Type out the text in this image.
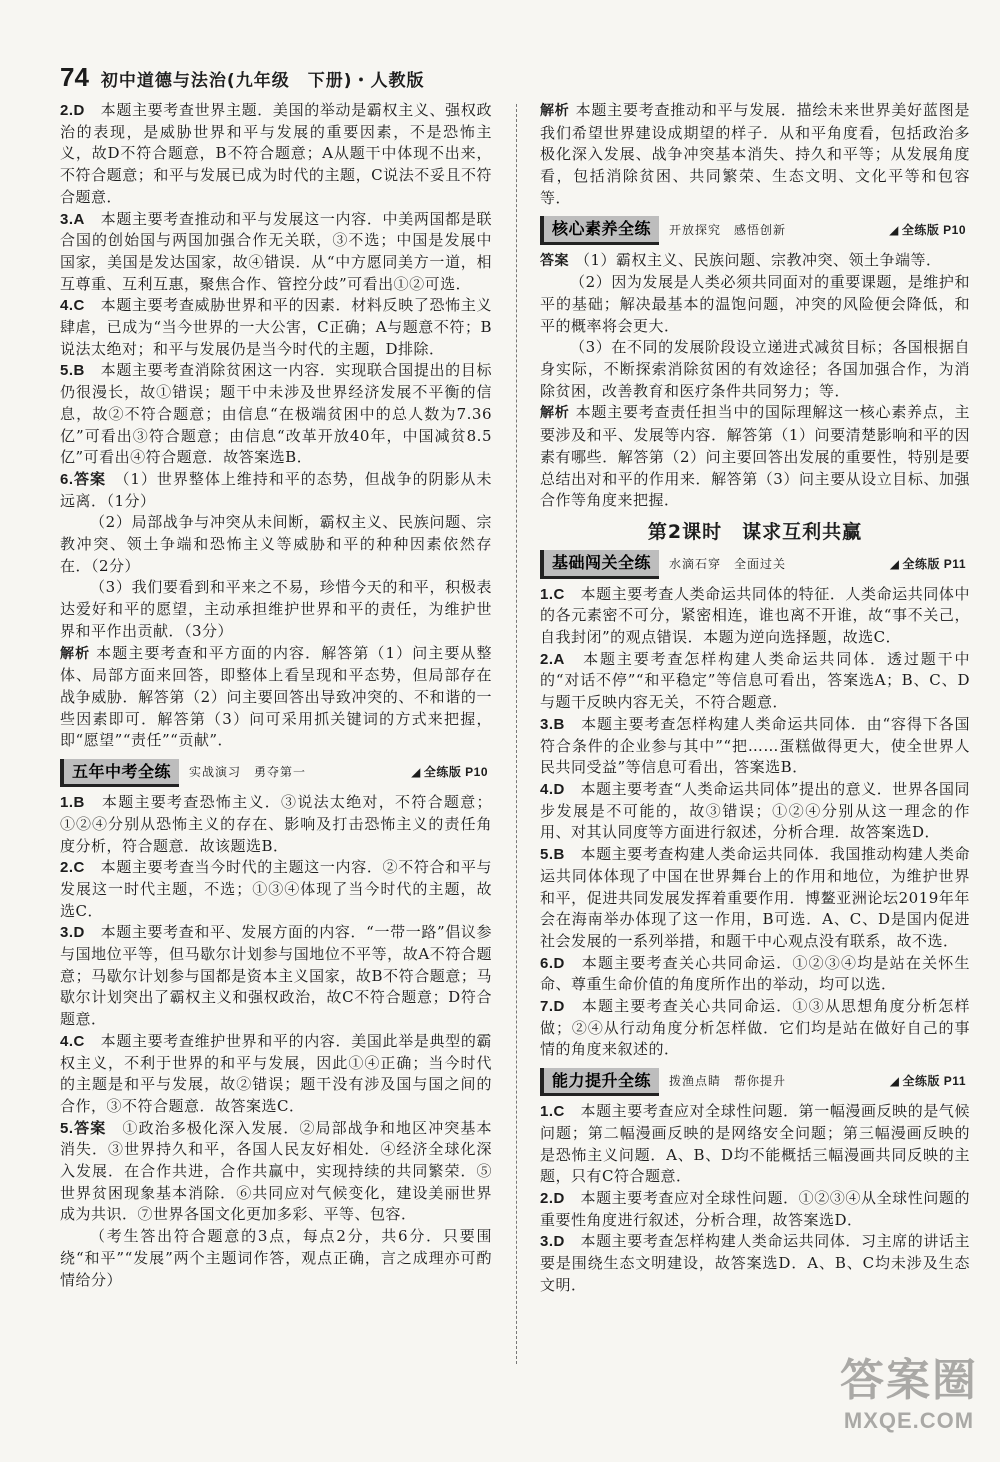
74 初中道德与法治(九年级　下册)・人教版

2.D　 本题主要考查世界主题．美国的举动是霸权主义、强权政治的表现，是威胁世界和平与发展的重要因素，不是恐怖主义，故D不符合题意，B不符合题意；A从题干中体现不出来，不符合题意；和平与发展已成为时代的主题，C说法不妥且不符合题意．

3.A　 本题主要考查推动和平与发展这一内容．中美两国都是联合国的创始国与两国加强合作无关联，③不选；中国是发展中国家，美国是发达国家，故④错误．从“中方愿同美方一道，相互尊重、互利互惠，聚焦合作、管控分歧”可看出①②可选．

4.C　 本题主要考查威胁世界和平的因素．材料反映了恐怖主义肆虐，已成为“当今世界的一大公害，C正确；A与题意不符；B说法太绝对；和平与发展仍是当今时代的主题，D排除．

5.B　 本题主要考查消除贫困这一内容．实现联合国提出的目标仍很漫长，故①错误；题干中未涉及世界经济发展不平衡的信息，故②不符合题意；由信息“在极端贫困中的总人数为7.36亿”可看出③符合题意；由信息“改革开放40年，中国减贫8.5亿”可看出④符合题意．故答案选B．

6.答案　 （1）世界整体上维持和平的态势，但战争的阴影从未远离．（1分）

（2）局部战争与冲突从未间断，霸权主义、民族问题、宗教冲突、领土争端和恐怖主义等威胁和平的种种因素依然存在．（2分）

（3）我们要看到和平来之不易，珍惜今天的和平，积极表达爱好和平的愿望，主动承担维护世界和平的责任，为维护世界和平作出贡献．（3分）

解析 本题主要考查和平方面的内容．解答第（1）问主要从整体、局部方面来回答，即整体上看呈现和平态势，但局部存在战争威胁．解答第（2）问主要回答出导致冲突的、不和谐的一些因素即可．解答第（3）问可采用抓关键词的方式来把握，即“愿望”“责任”“贡献”．

五年中考全练	实战演习　勇夺第一	◢ 全练版 P10

1.B　 本题主要考查恐怖主义．③说法太绝对，不符合题意；①②④分别从恐怖主义的存在、影响及打击恐怖主义的责任角度分析，符合题意．故该题选B．

2.C　 本题主要考查当今时代的主题这一内容．②不符合和平与发展这一时代主题，不选；①③④体现了当今时代的主题，故选C．

3.D　 本题主要考查和平、发展方面的内容．“一带一路”倡议参与国地位平等，但马歇尔计划参与国地位不平等，故A不符合题意；马歇尔计划参与国都是资本主义国家，故B不符合题意；马歇尔计划突出了霸权主义和强权政治，故C不符合题意；D符合题意．

4.C　 本题主要考查维护世界和平的内容．美国此举是典型的霸权主义，不利于世界的和平与发展，因此①④正确；当今时代的主题是和平与发展，故②错误；题干没有涉及国与国之间的合作，③不符合题意．故答案选C．

5.答案　 ①政治多极化深入发展．②局部战争和地区冲突基本消失．③世界持久和平，各国人民友好相处．④经济全球化深入发展．在合作共进，合作共赢中，实现持续的共同繁荣．⑤世界贫困现象基本消除．⑥共同应对气候变化，建设美丽世界成为共识．⑦世界各国文化更加多彩、平等、包容．

（考生答出符合题意的3点，每点2分，共6分．只要围绕“和平”“发展”两个主题词作答，观点正确，言之成理亦可酌情给分）

解析 本题主要考查推动和平与发展．描绘未来世界美好蓝图是我们希望世界建设成期望的样子．从和平角度看，包括政治多极化深入发展、战争冲突基本消失、持久和平等；从发展角度看，包括消除贫困、共同繁荣、生态文明、文化平等和包容等．

核心素养全练	开放探究　感悟创新	◢ 全练版 P10

答案 （1）霸权主义、民族问题、宗教冲突、领土争端等．

（2）因为发展是人类必须共同面对的重要课题，是维护和平的基础；解决最基本的温饱问题，冲突的风险便会降低，和平的概率将会更大．

（3）在不同的发展阶段设立递进式减贫目标；各国根据自身实际，不断探索消除贫困的有效途径；各国加强合作，为消除贫困，改善教育和医疗条件共同努力；等．

解析 本题主要考查责任担当中的国际理解这一核心素养点，主要涉及和平、发展等内容．解答第（1）问要清楚影响和平的因素有哪些．解答第（2）问主要回答出发展的重要性，特别是要总结出对和平的作用来．解答第（3）问主要从设立目标、加强合作等角度来把握．

第2课时　谋求互利共赢
基础闯关全练	水滴石穿　全面过关	◢ 全练版 P11

1.C　 本题主要考查人类命运共同体的特征．人类命运共同体中的各元素密不可分，紧密相连，谁也离不开谁，故“事不关己，自我封闭”的观点错误．本题为逆向选择题，故选C．

2.A　 本题主要考查怎样构建人类命运共同体．透过题干中的“对话不停”“和平稳定”等信息可看出，答案选A；B、C、D与题干反映内容无关，不符合题意．

3.B　 本题主要考查怎样构建人类命运共同体．由“容得下各国符合条件的企业参与其中”“把……蛋糕做得更大，使全世界人民共同受益”等信息可看出，答案选B．

4.D　 本题主要考查“人类命运共同体”提出的意义．世界各国同步发展是不可能的，故③错误；①②④分别从这一理念的作用、对其认同度等方面进行叙述，分析合理．故答案选D．

5.B　 本题主要考查构建人类命运共同体．我国推动构建人类命运共同体体现了中国在世界舞台上的作用和地位，为维护世界和平，促进共同发展发挥着重要作用．博鳌亚洲论坛2019年年会在海南举办体现了这一作用，B可选．A、C、D是国内促进社会发展的一系列举措，和题干中心观点没有联系，故不选．

6.D　 本题主要考查关心共同命运．①②③④均是站在关怀生命、尊重生命价值的角度所作出的举动，均可以选．

7.D　 本题主要考查关心共同命运．①③从思想角度分析怎样做；②④从行动角度分析怎样做．它们均是站在做好自己的事情的角度来叙述的．

能力提升全练	拨渔点睛　帮你提升	◢ 全练版 P11

1.C　 本题主要考查应对全球性问题．第一幅漫画反映的是气候问题；第二幅漫画反映的是网络安全问题；第三幅漫画反映的是恐怖主义问题．A、B、D均不能概括三幅漫画共同反映的主题，只有C符合题意．

2.D　 本题主要考查应对全球性问题．①②③④从全球性问题的重要性角度进行叙述，分析合理，故答案选D．

3.D　 本题主要考查怎样构建人类命运共同体．习主席的讲话主要是围绕生态文明建设，故答案选D．A、B、C均未涉及生态文明．

答案圈
MXQE.COM
